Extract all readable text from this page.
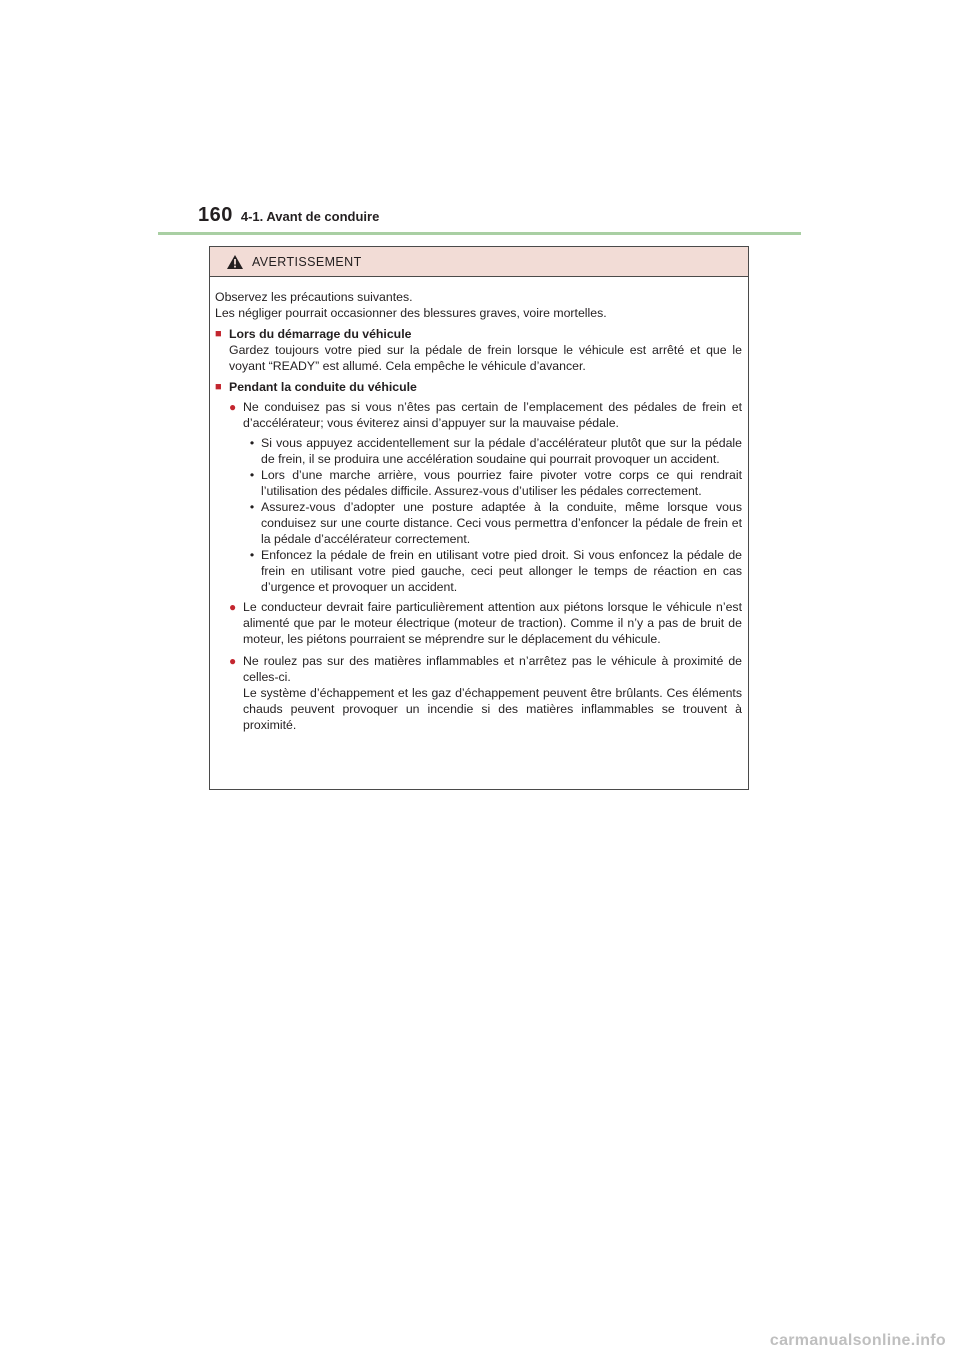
160 4-1. Avant de conduire
AVERTISSEMENT

Observez les précautions suivantes.

Les négliger pourrait occasionner des blessures graves, voire mortelles.

■ Lors du démarrage du véhicule

Gardez toujours votre pied sur la pédale de frein lorsque le véhicule est arrêté et que le voyant “READY” est allumé. Cela empêche le véhicule d’avancer.

■ Pendant la conduite du véhicule
● Ne conduisez pas si vous n’êtes pas certain de l’emplacement des pédales de frein et d’accélérateur; vous éviterez ainsi d’appuyer sur la mauvaise pédale.

• Si vous appuyez accidentellement sur la pédale d’accélérateur plutôt que sur la pédale de frein, il se produira une accélération soudaine qui pourrait provoquer un accident.
• Lors d’une marche arrière, vous pourriez faire pivoter votre corps ce qui rendrait l’utilisation des pédales difficile. Assurez-vous d’utiliser les pédales correctement.
• Assurez-vous d’adopter une posture adaptée à la conduite, même lorsque vous conduisez sur une courte distance. Ceci vous permettra d’enfoncer la pédale de frein et la pédale d’accélérateur correctement.
• Enfoncez la pédale de frein en utilisant votre pied droit. Si vous enfoncez la pédale de frein en utilisant votre pied gauche, ceci peut allonger le temps de réaction en cas d’urgence et provoquer un accident.
● Le conducteur devrait faire particulièrement attention aux piétons lorsque le véhicule n’est alimenté que par le moteur électrique (moteur de traction). Comme il n’y a pas de bruit de moteur, les piétons pourraient se méprendre sur le déplacement du véhicule.

● Ne roulez pas sur des matières inflammables et n’arrêtez pas le véhicule à proximité de celles-ci.

Le système d’échappement et les gaz d’échappement peuvent être brûlants. Ces éléments chauds peuvent provoquer un incendie si des matières inflammables se trouvent à proximité.

carmanualsonline.info
